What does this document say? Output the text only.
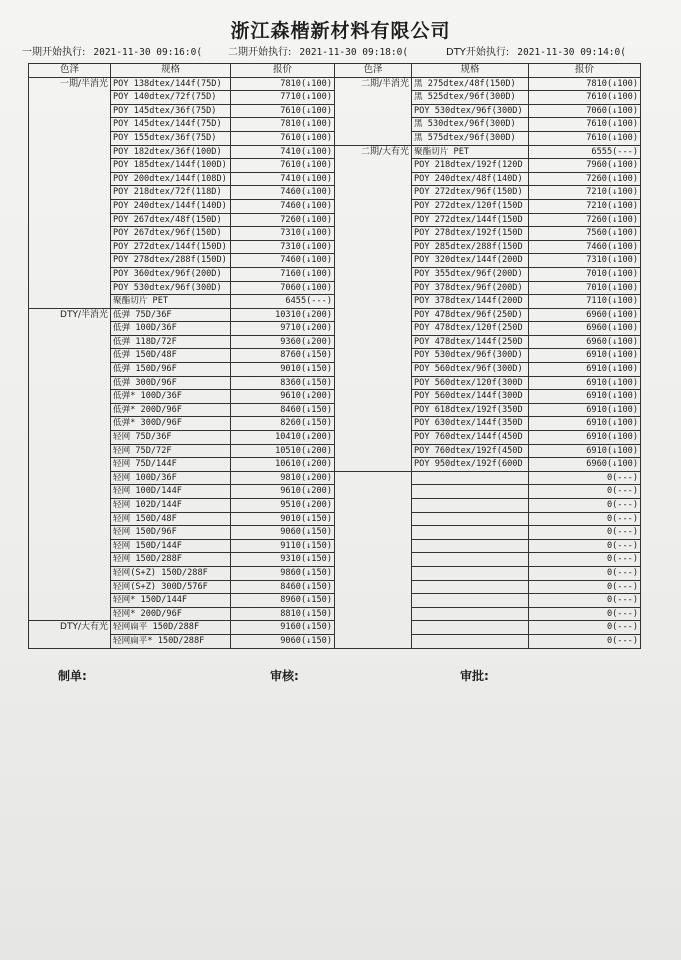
浙江森楷新材料有限公司
一期开始执行: 2021-11-30 09:16:0(	二期开始执行: 2021-11-30 09:18:0(	DTY开始执行: 2021-11-30 09:14:0(
色泽	规格	报价	色泽	规格	报价
一期/半消光	POY 138dtex/144f(75D)	7810(↓100)	二期/半消光	黑 275dtex/48f(150D)	7810(↓100)
	POY 140dtex/72f(75D)	7710(↓100)		黑 525dtex/96f(300D)	7610(↓100)
	POY 145dtex/36f(75D)	7610(↓100)		POY 530dtex/96f(300D)	7060(↓100)
	POY 145dtex/144f(75D)	7810(↓100)		黑 530dtex/96f(300D)	7610(↓100)
	POY 155dtex/36f(75D)	7610(↓100)		黑 575dtex/96f(300D)	7610(↓100)
	POY 182dtex/36f(100D)	7410(↓100)	二期/大有光	聚酯切片 PET	6555(---)
	POY 185dtex/144f(100D)	7610(↓100)		POY 218dtex/192f(120D	7960(↓100)
	POY 200dtex/144f(108D)	7410(↓100)		POY 240dtex/48f(140D)	7260(↓100)
	POY 218dtex/72f(118D)	7460(↓100)		POY 272dtex/96f(150D)	7210(↓100)
	POY 240dtex/144f(140D)	7460(↓100)		POY 272dtex/120f(150D	7210(↓100)
	POY 267dtex/48f(150D)	7260(↓100)		POY 272dtex/144f(150D	7260(↓100)
	POY 267dtex/96f(150D)	7310(↓100)		POY 278dtex/192f(150D	7560(↓100)
	POY 272dtex/144f(150D)	7310(↓100)		POY 285dtex/288f(150D	7460(↓100)
	POY 278dtex/288f(150D)	7460(↓100)		POY 320dtex/144f(200D	7310(↓100)
	POY 360dtex/96f(200D)	7160(↓100)		POY 355dtex/96f(200D)	7010(↓100)
	POY 530dtex/96f(300D)	7060(↓100)		POY 378dtex/96f(200D)	7010(↓100)
	聚酯切片 PET	6455(---)		POY 378dtex/144f(200D	7110(↓100)
DTY/半消光	低弹 75D/36F	10310(↓200)		POY 478dtex/96f(250D)	6960(↓100)
	低弹 100D/36F	9710(↓200)		POY 478dtex/120f(250D	6960(↓100)
	低弹 118D/72F	9360(↓200)		POY 478dtex/144f(250D	6960(↓100)
	低弹 150D/48F	8760(↓150)		POY 530dtex/96f(300D)	6910(↓100)
	低弹 150D/96F	9010(↓150)		POY 560dtex/96f(300D)	6910(↓100)
	低弹 300D/96F	8360(↓150)		POY 560dtex/120f(300D	6910(↓100)
	低弹* 100D/36F	9610(↓200)		POY 560dtex/144f(300D	6910(↓100)
	低弹* 200D/96F	8460(↓150)		POY 618dtex/192f(350D	6910(↓100)
	低弹* 300D/96F	8260(↓150)		POY 630dtex/144f(350D	6910(↓100)
	轻网 75D/36F	10410(↓200)		POY 760dtex/144f(450D	6910(↓100)
	轻网 75D/72F	10510(↓200)		POY 760dtex/192f(450D	6910(↓100)
	轻网 75D/144F	10610(↓200)		POY 950dtex/192f(600D	6960(↓100)
	轻网 100D/36F	9810(↓200)			0(---)
	轻网 100D/144F	9610(↓200)			0(---)
	轻网 102D/144F	9510(↓200)			0(---)
	轻网 150D/48F	9010(↓150)			0(---)
	轻网 150D/96F	9060(↓150)			0(---)
	轻网 150D/144F	9110(↓150)			0(---)
	轻网 150D/288F	9310(↓150)			0(---)
	轻网(S+Z) 150D/288F	9860(↓150)			0(---)
	轻网(S+Z) 300D/576F	8460(↓150)			0(---)
	轻网* 150D/144F	8960(↓150)			0(---)
	轻网* 200D/96F	8810(↓150)			0(---)
DTY/大有光	轻网扁平 150D/288F	9160(↓150)			0(---)
	轻网扁平* 150D/288F	9060(↓150)			0(---)
制单:	审核:	审批:
